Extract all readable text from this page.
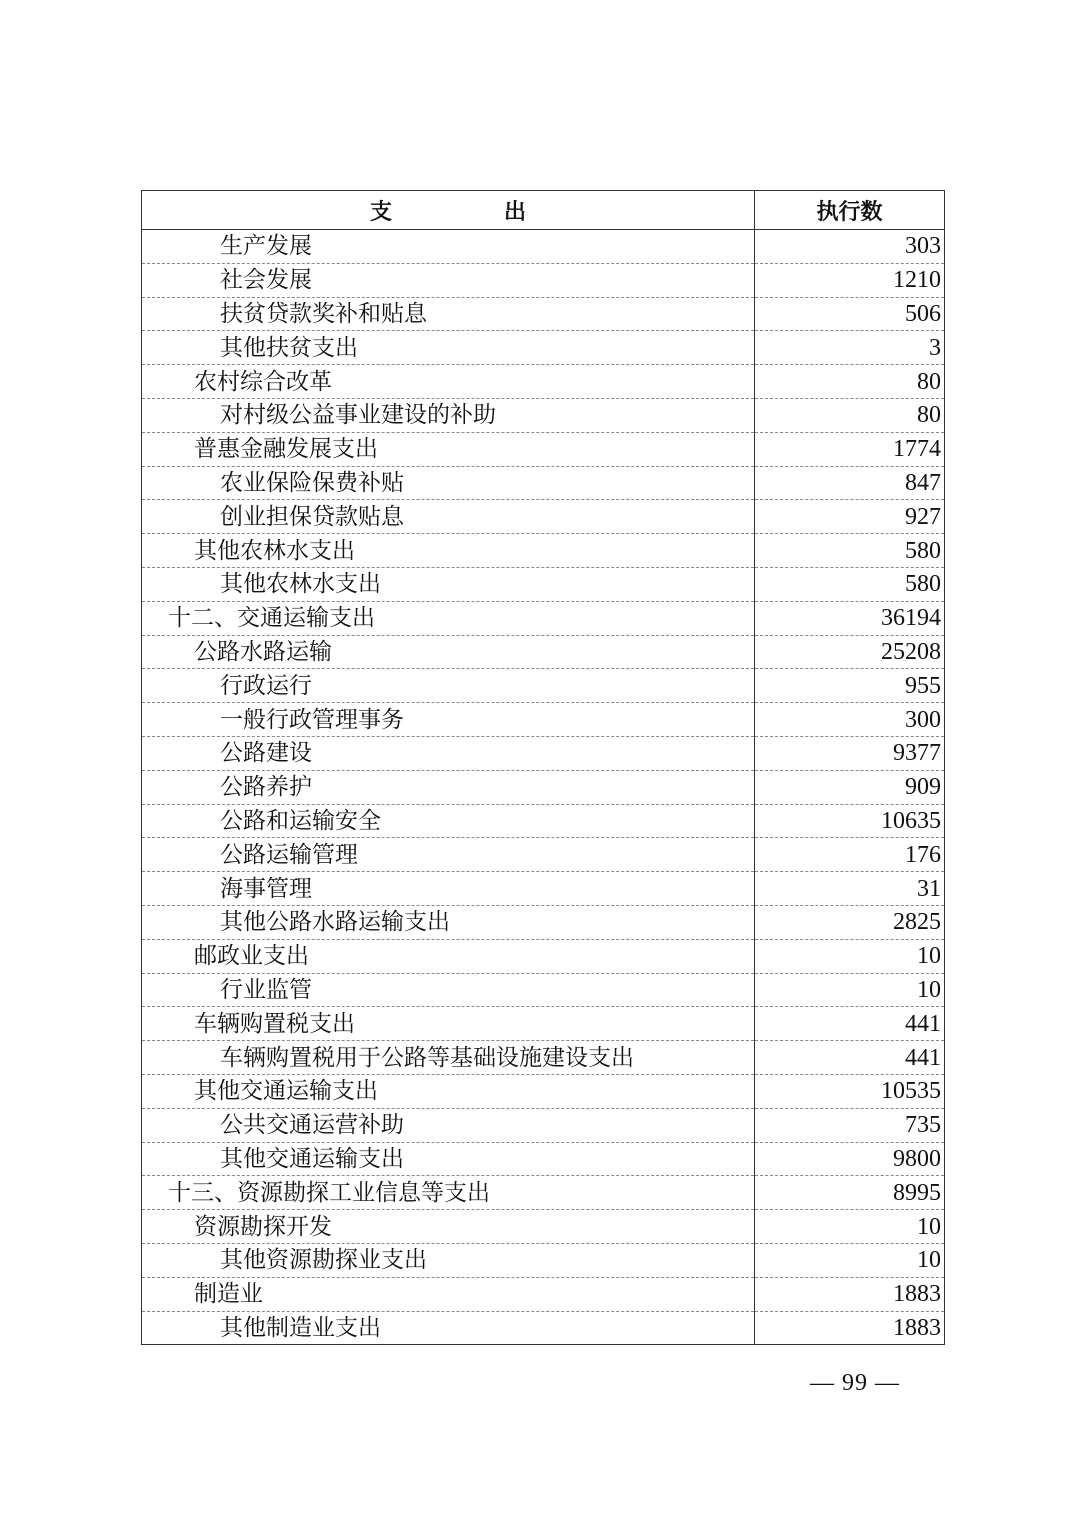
支 出	执行数
生产发展	303
社会发展	1210
扶贫贷款奖补和贴息	506
其他扶贫支出	3
农村综合改革	80
对村级公益事业建设的补助	80
普惠金融发展支出	1774
农业保险保费补贴	847
创业担保贷款贴息	927
其他农林水支出	580
其他农林水支出	580
十二、交通运输支出	36194
公路水路运输	25208
行政运行	955
一般行政管理事务	300
公路建设	9377
公路养护	909
公路和运输安全	10635
公路运输管理	176
海事管理	31
其他公路水路运输支出	2825
邮政业支出	10
行业监管	10
车辆购置税支出	441
车辆购置税用于公路等基础设施建设支出	441
其他交通运输支出	10535
公共交通运营补助	735
其他交通运输支出	9800
十三、资源勘探工业信息等支出	8995
资源勘探开发	10
其他资源勘探业支出	10
制造业	1883
其他制造业支出	1883
— 99 —
